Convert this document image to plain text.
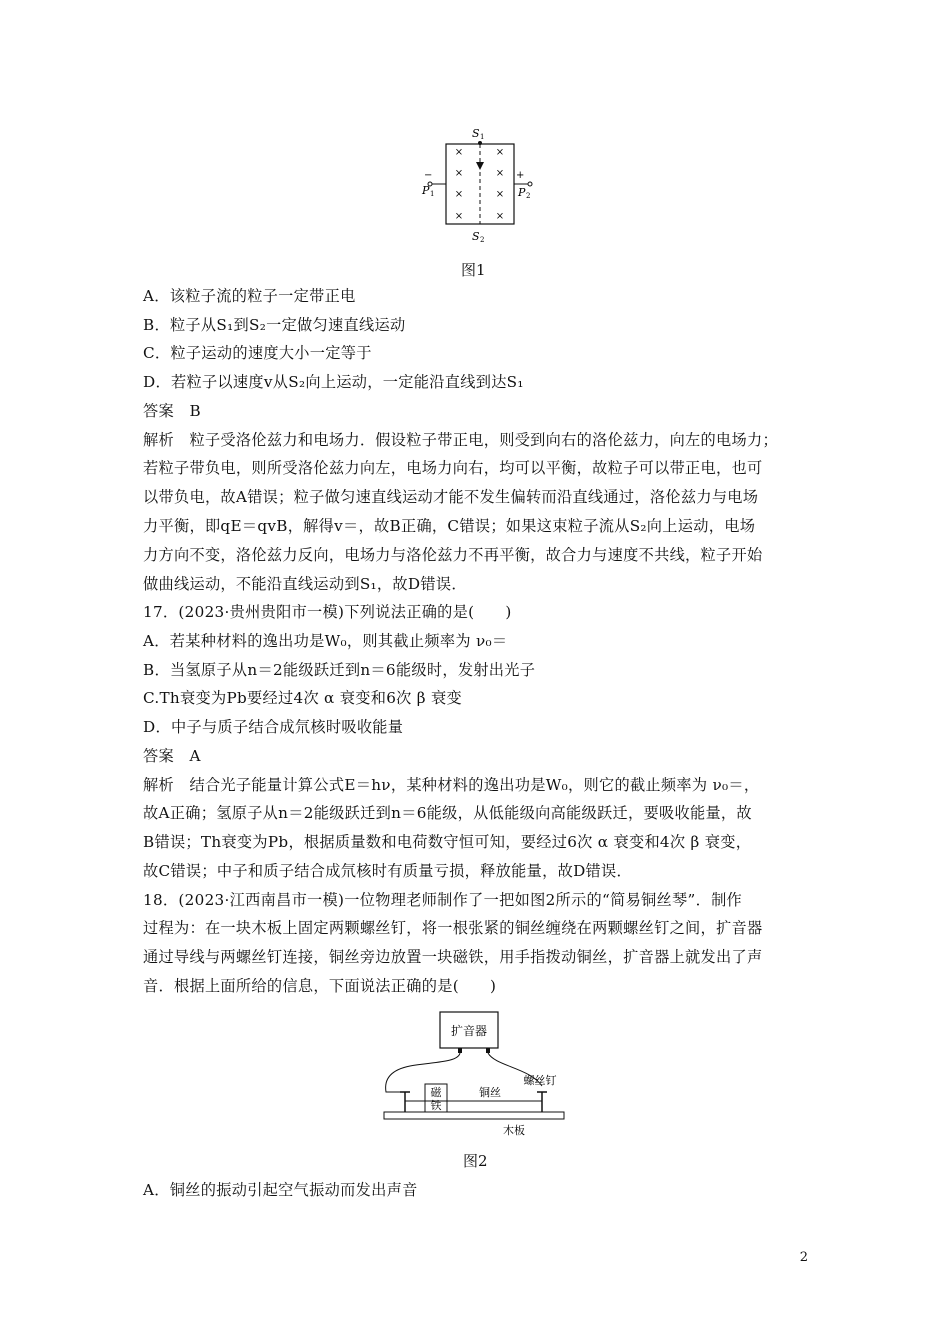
S 1
S 2
−
P 1
+
P 2
×
×
×
×
×
×
×
×
图1
A．该粒子流的粒子一定带正电
B．粒子从S₁到S₂一定做匀速直线运动
C．粒子运动的速度大小一定等于
D．若粒子以速度v从S₂向上运动，一定能沿直线到达S₁
答案　B
解析　粒子受洛伦兹力和电场力．假设粒子带正电，则受到向右的洛伦兹力，向左的电场力；
若粒子带负电，则所受洛伦兹力向左，电场力向右，均可以平衡，故粒子可以带正电，也可
以带负电，故A错误；粒子做匀速直线运动才能不发生偏转而沿直线通过，洛伦兹力与电场
力平衡，即qE＝qvB，解得v＝，故B正确，C错误；如果这束粒子流从S₂向上运动，电场
力方向不变，洛伦兹力反向，电场力与洛伦兹力不再平衡，故合力与速度不共线，粒子开始
做曲线运动，不能沿直线运动到S₁，故D错误．
17．(2023·贵州贵阳市一模)下列说法正确的是(　　)
A．若某种材料的逸出功是W₀，则其截止频率为 ν₀＝
B．当氢原子从n＝2能级跃迁到n＝6能级时，发射出光子
C.Th衰变为Pb要经过4次 α 衰变和6次 β 衰变
D．中子与质子结合成氘核时吸收能量
答案　A
解析　结合光子能量计算公式E＝hν，某种材料的逸出功是W₀，则它的截止频率为 ν₀＝，
故A正确；氢原子从n＝2能级跃迁到n＝6能级，从低能级向高能级跃迁，要吸收能量，故
B错误；Th衰变为Pb，根据质量数和电荷数守恒可知，要经过6次 α 衰变和4次 β 衰变，
故C错误；中子和质子结合成氘核时有质量亏损，释放能量，故D错误．
18．(2023·江西南昌市一模)一位物理老师制作了一把如图2所示的“简易铜丝琴”．制作
过程为：在一块木板上固定两颗螺丝钉，将一根张紧的铜丝缠绕在两颗螺丝钉之间，扩音器
通过导线与两螺丝钉连接，铜丝旁边放置一块磁铁，用手指拨动铜丝，扩音器上就发出了声
音．根据上面所给的信息，下面说法正确的是(　　)
扩音器
磁
铁
铜丝
螺丝钉
木板
图2
A．铜丝的振动引起空气振动而发出声音
2
